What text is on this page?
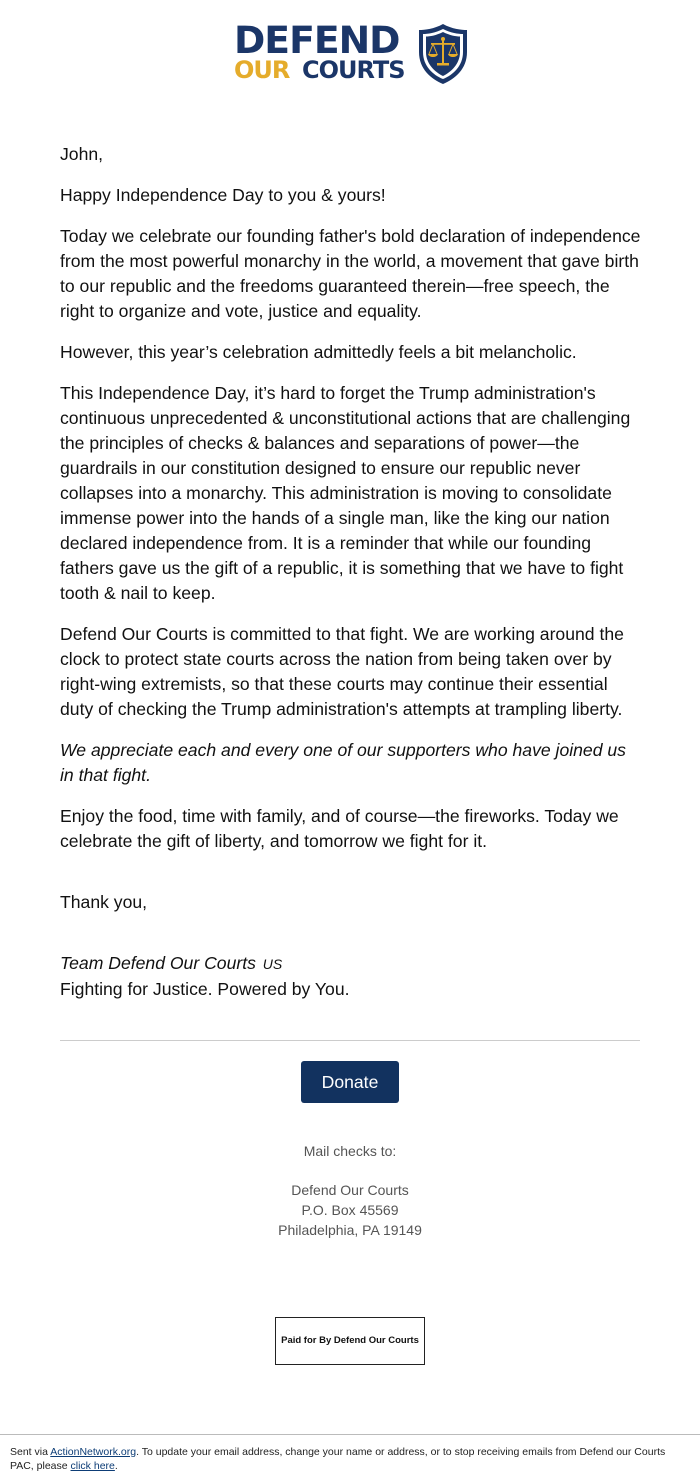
DEFEND
OUR COURTS

John,

Happy Independence Day to you & yours!

Today we celebrate our founding father's bold declaration of independence from the most powerful monarchy in the world, a movement that gave birth to our republic and the freedoms guaranteed therein—free speech, the right to organize and vote, justice and equality.

However, this year’s celebration admittedly feels a bit melancholic.

This Independence Day, it’s hard to forget the Trump administration's continuous unprecedented & unconstitutional actions that are challenging the principles of checks & balances and separations of power—the guardrails in our constitution designed to ensure our republic never collapses into a monarchy. This administration is moving to consolidate immense power into the hands of a single man, like the king our nation declared independence from. It is a reminder that while our founding fathers gave us the gift of a republic, it is something that we have to fight tooth & nail to keep.

Defend Our Courts is committed to that fight. We are working around the clock to protect state courts across the nation from being taken over by right-wing extremists, so that these courts may continue their essential duty of checking the Trump administration's attempts at trampling liberty.

We appreciate each and every one of our supporters who have joined us in that fight.

Enjoy the food, time with family, and of course—the fireworks. Today we celebrate the gift of liberty, and tomorrow we fight for it.

Thank you,

Team Defend Our Courts US
Fighting for Justice. Powered by You.

Donate
Mail checks to:
Defend Our Courts
P.O. Box 45569
Philadelphia, PA 19149
Paid for By Defend Our Courts
Sent via ActionNetwork.org. To update your email address, change your name or address, or to stop receiving emails from Defend our Courts PAC, please click here.
